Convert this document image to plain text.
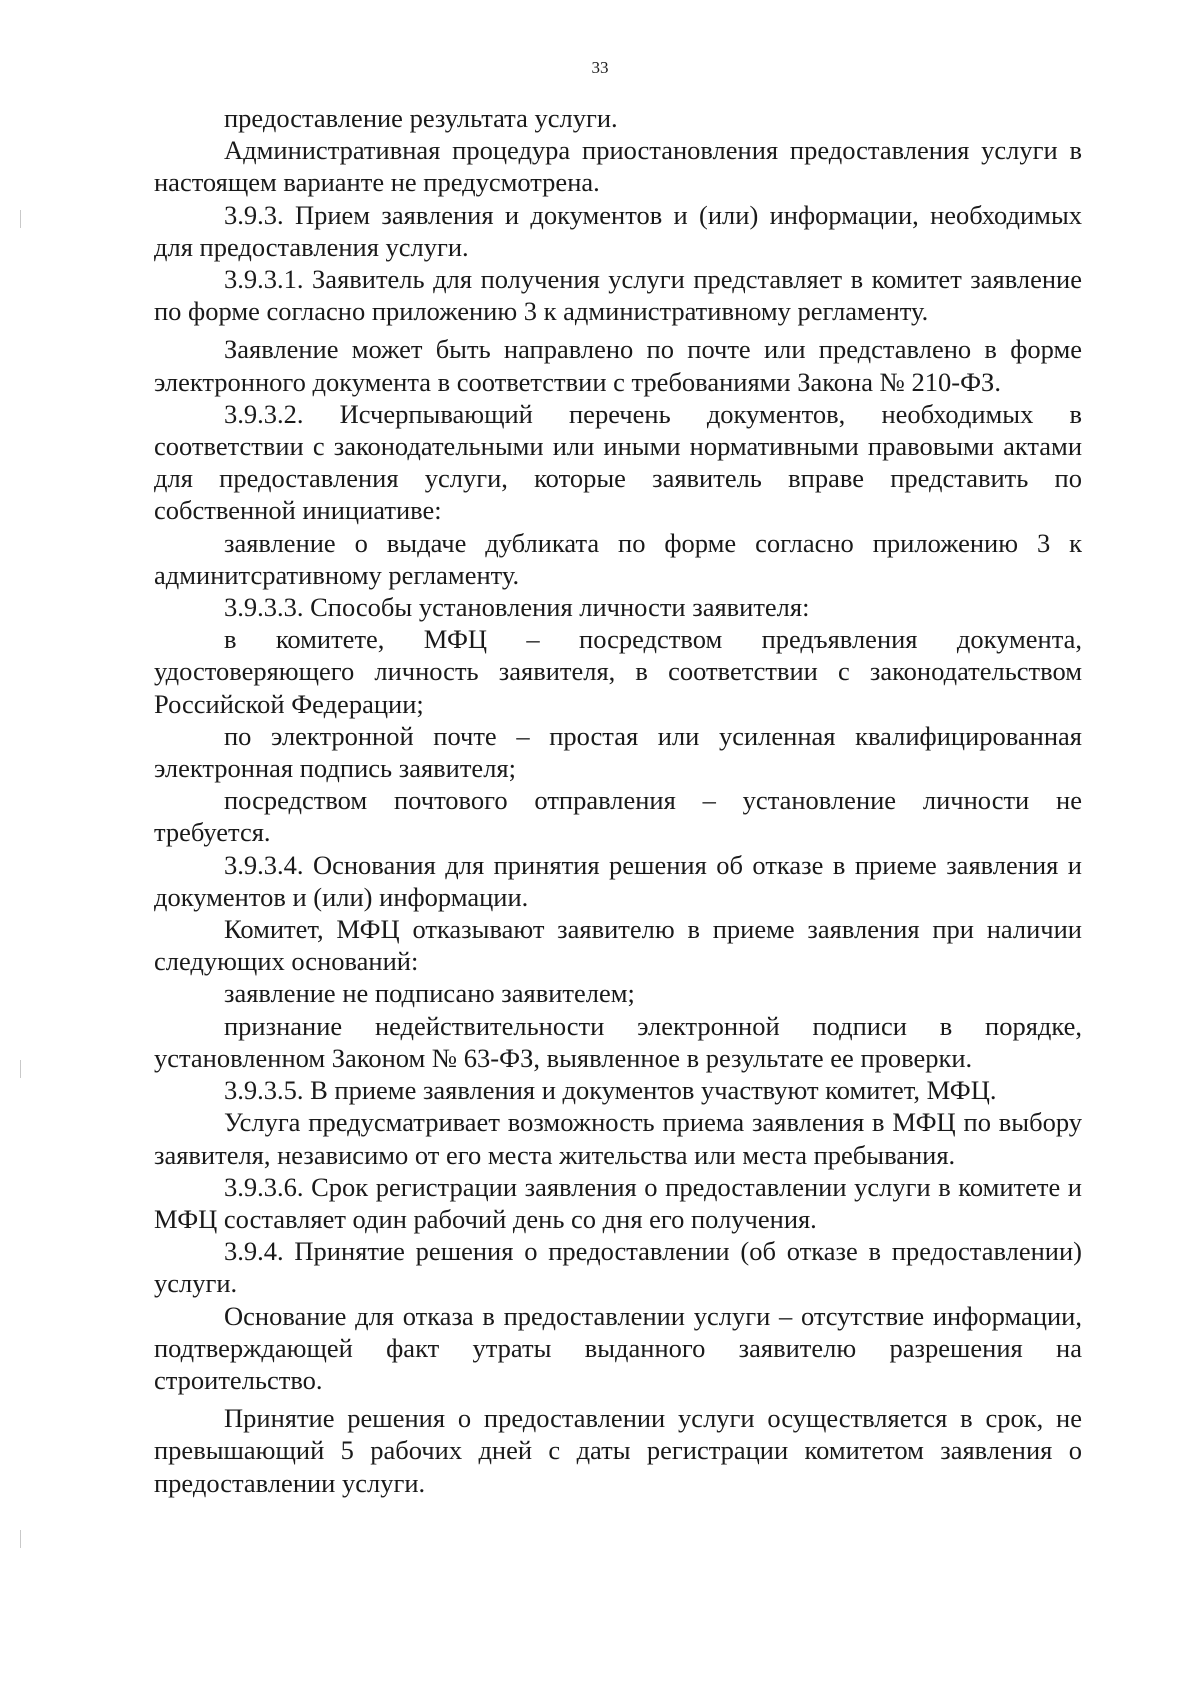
33

предоставление результата услуги.

Административная процедура приостановления предоставления услуги в настоящем варианте не предусмотрена.

3.9.3. Прием заявления и документов и (или) информации, необходимых для предоставления услуги.

3.9.3.1. Заявитель для получения услуги представляет в комитет заявление по форме согласно приложению 3 к административному регламенту.

Заявление может быть направлено по почте или представлено в форме электронного документа в соответствии с требованиями Закона № 210-ФЗ.

3.9.3.2. Исчерпывающий перечень документов, необходимых в соответствии с законодательными или иными нормативными правовыми актами для предоставления услуги, которые заявитель вправе представить по собственной инициативе:

заявление о выдаче дубликата по форме согласно приложению 3 к админитсративному регламенту.

3.9.3.3. Способы установления личности заявителя:

в комитете, МФЦ – посредством предъявления документа, удостоверяющего личность заявителя, в соответствии с законодательством Российской Федерации;

по электронной почте – простая или усиленная квалифицированная электронная подпись заявителя;

посредством почтового отправления – установление личности не требуется.

3.9.3.4. Основания для принятия решения об отказе в приеме заявления и документов и (или) информации.

Комитет, МФЦ отказывают заявителю в приеме заявления при наличии следующих оснований:

заявление не подписано заявителем;

признание недействительности электронной подписи в порядке, установленном Законом № 63-ФЗ, выявленное в результате ее проверки.

3.9.3.5. В приеме заявления и документов участвуют комитет, МФЦ.

Услуга предусматривает возможность приема заявления в МФЦ по выбору заявителя, независимо от его места жительства или места пребывания.

3.9.3.6. Срок регистрации заявления о предоставлении услуги в комитете и МФЦ составляет один рабочий день со дня его получения.

3.9.4. Принятие решения о предоставлении (об отказе в предоставлении) услуги.

Основание для отказа в предоставлении услуги – отсутствие информации, подтверждающей факт утраты выданного заявителю разрешения на строительство.

Принятие решения о предоставлении услуги осуществляется в срок, не превышающий 5 рабочих дней с даты регистрации комитетом заявления о предоставлении услуги.
